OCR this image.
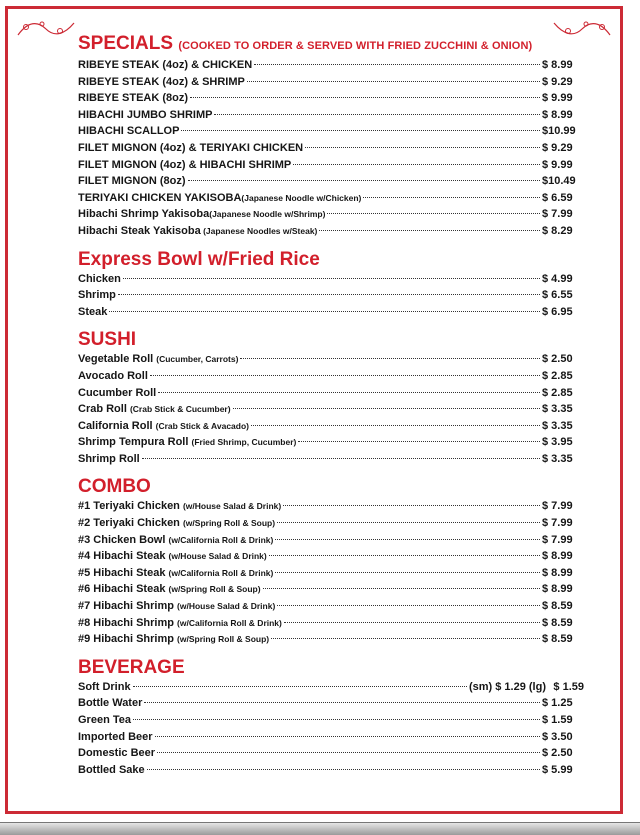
SPECIALS (COOKED TO ORDER & SERVED WITH FRIED ZUCCHINI & ONION)
RIBEYE STEAK (4oz) & CHICKEN	$ 8.99
RIBEYE STEAK (4oz) & SHRIMP	$ 9.29
RIBEYE STEAK (8oz)	$ 9.99
HIBACHI JUMBO SHRIMP	$ 8.99
HIBACHI SCALLOP	$10.99
FILET MIGNON (4oz) & TERIYAKI CHICKEN	$ 9.29
FILET MIGNON (4oz) & HIBACHI SHRIMP	$ 9.99
FILET MIGNON (8oz)	$10.49
TERIYAKI CHICKEN YAKISOBA(Japanese Noodle w/Chicken)	$ 6.59
Hibachi Shrimp Yakisoba(Japanese Noodle w/Shrimp)	$ 7.99
Hibachi Steak Yakisoba (Japanese Noodles w/Steak)	$ 8.29
Express Bowl w/Fried Rice
Chicken	$ 4.99
Shrimp	$ 6.55
Steak	$ 6.95
SUSHI
Vegetable Roll (Cucumber, Carrots)	$ 2.50
Avocado Roll	$ 2.85
Cucumber Roll	$ 2.85
Crab Roll (Crab Stick & Cucumber)	$ 3.35
California Roll (Crab Stick & Avacado)	$ 3.35
Shrimp Tempura Roll (Fried Shrimp, Cucumber)	$ 3.95
Shrimp Roll	$ 3.35
COMBO
#1 Teriyaki Chicken (w/House Salad & Drink)	$ 7.99
#2 Teriyaki Chicken (w/Spring Roll & Soup)	$ 7.99
#3 Chicken Bowl (w/California Roll & Drink)	$ 7.99
#4 Hibachi Steak (w/House Salad & Drink)	$ 8.99
#5 Hibachi Steak (w/California Roll & Drink)	$ 8.99
#6 Hibachi Steak (w/Spring Roll & Soup)	$ 8.99
#7 Hibachi Shrimp (w/House Salad & Drink)	$ 8.59
#8 Hibachi Shrimp (w/California Roll & Drink)	$ 8.59
#9 Hibachi Shrimp (w/Spring Roll & Soup)	$ 8.59
BEVERAGE
Soft Drink	(sm) $ 1.29 (lg) $ 1.59
Bottle Water	$ 1.25
Green Tea	$ 1.59
Imported Beer	$ 3.50
Domestic Beer	$ 2.50
Bottled Sake	$ 5.99
